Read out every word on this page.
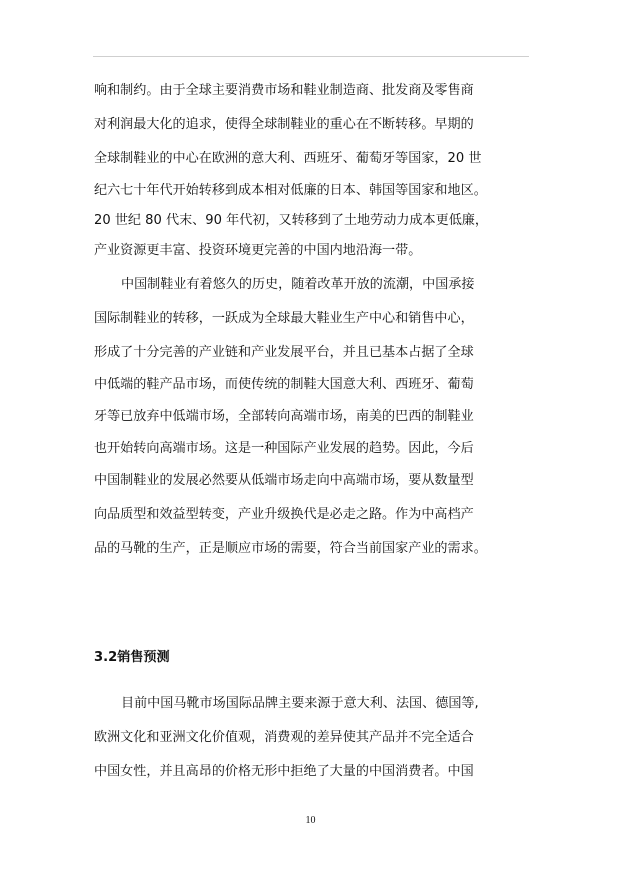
响和制约。由于全球主要消费市场和鞋业制造商、批发商及零售商
对利润最大化的追求，使得全球制鞋业的重心在不断转移。早期的
全球制鞋业的中心在欧洲的意大利、西班牙、葡萄牙等国家，20 世
纪六七十年代开始转移到成本相对低廉的日本、韩国等国家和地区。
20 世纪 80 代末、90 年代初，又转移到了土地劳动力成本更低廉，
产业资源更丰富、投资环境更完善的中国内地沿海一带。
中国制鞋业有着悠久的历史，随着改革开放的流潮，中国承接
国际制鞋业的转移，一跃成为全球最大鞋业生产中心和销售中心，
形成了十分完善的产业链和产业发展平台，并且已基本占据了全球
中低端的鞋产品市场，而使传统的制鞋大国意大利、西班牙、葡萄
牙等已放弃中低端市场，全部转向高端市场，南美的巴西的制鞋业
也开始转向高端市场。这是一种国际产业发展的趋势。因此，今后
中国制鞋业的发展必然要从低端市场走向中高端市场，要从数量型
向品质型和效益型转变，产业升级换代是必走之路。作为中高档产
品的马靴的生产，正是顺应市场的需要，符合当前国家产业的需求。
3.2销售预测
目前中国马靴市场国际品牌主要来源于意大利、法国、德国等,
欧洲文化和亚洲文化价值观，消费观的差异使其产品并不完全适合
中国女性，并且高昂的价格无形中拒绝了大量的中国消费者。中国
10
